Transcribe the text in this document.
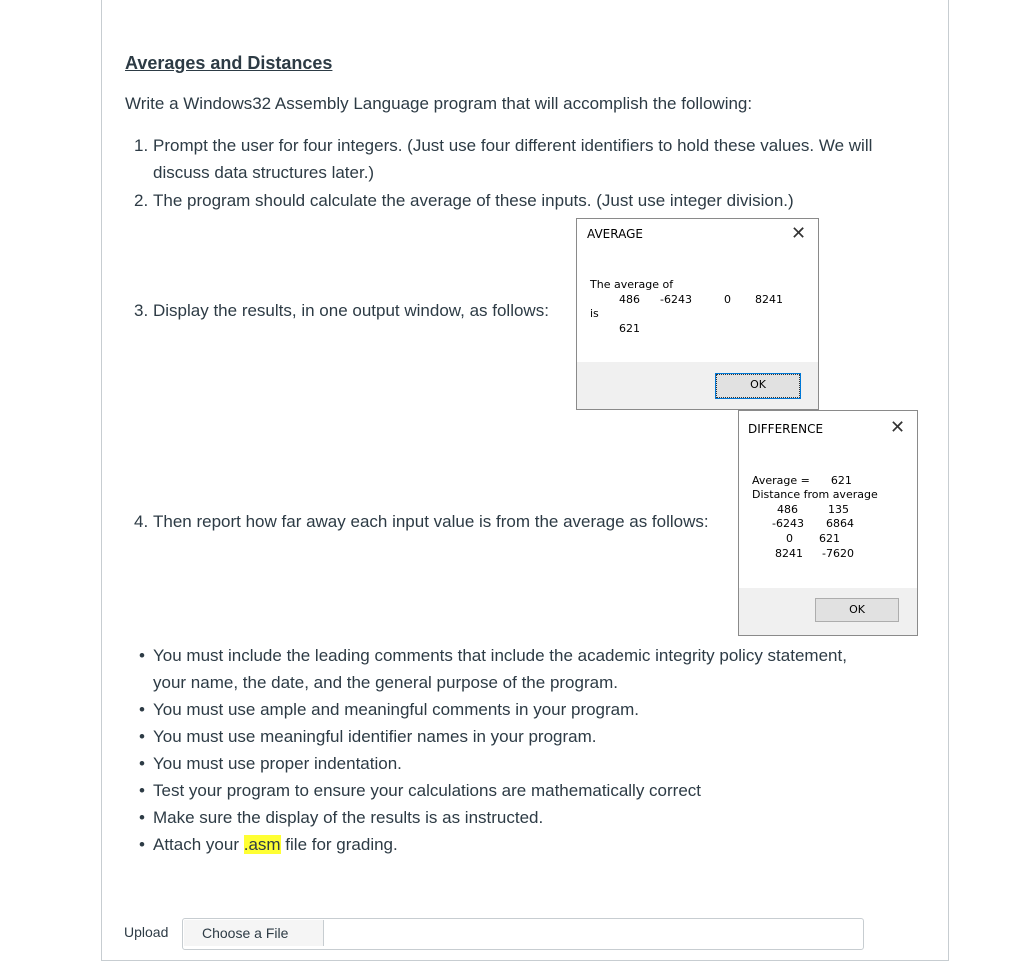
Averages and Distances

Write a Windows32 Assembly Language program that will accomplish the following:

1. Prompt the user for four integers. (Just use four different identifiers to hold these values. We will
discuss data structures later.)
2. The program should calculate the average of these inputs. (Just use integer division.)
3. Display the results, in one output window, as follows:
4. Then report how far away each input value is from the average as follows:
AVERAGE	✕
The average of
486 -6243	0 8241
is
621
OK
DIFFERENCE	✕
Average =      621
Distance from average
486	135
-6243 6864
0 621
8241 -7620
OK
• You must include the leading comments that include the academic integrity policy statement,
your name, the date, and the general purpose of the program.
• You must use ample and meaningful comments in your program.
• You must use meaningful identifier names in your program.
• You must use proper indentation.
• Test your program to ensure your calculations are mathematically correct
• Make sure the display of the results is as instructed.
• Attach your .asm file for grading.
Upload	Choose a File
